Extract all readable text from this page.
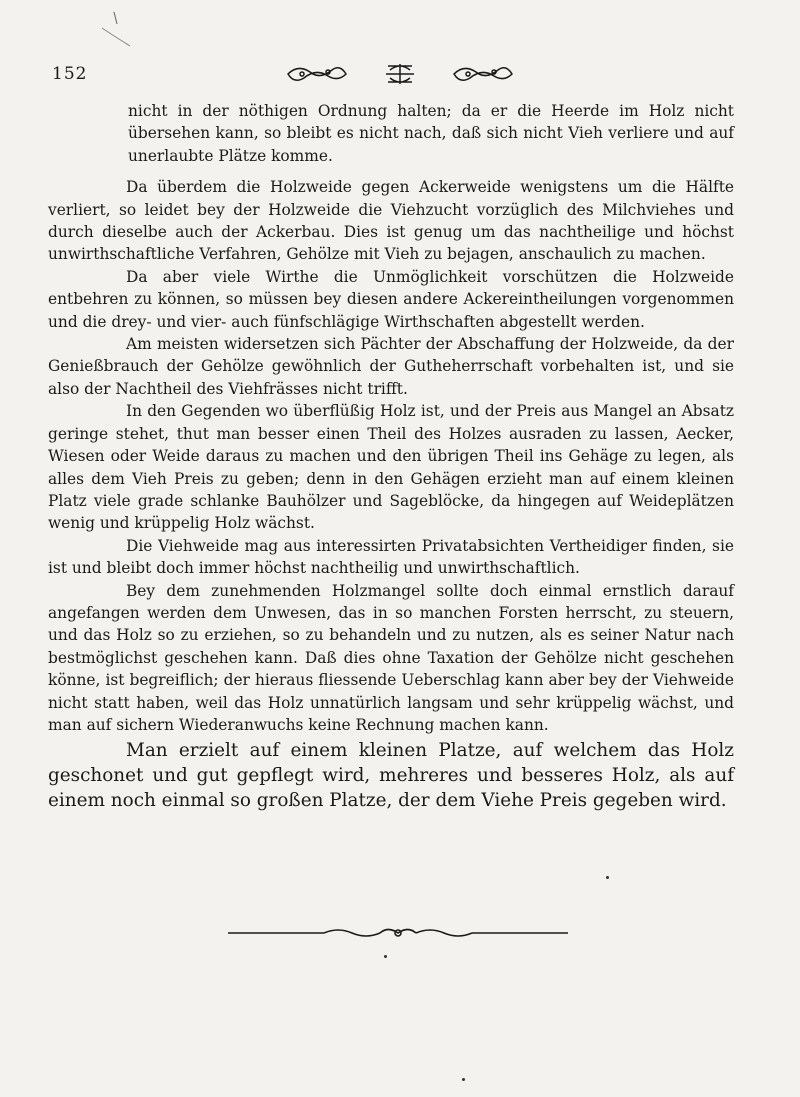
152

nicht in der nöthigen Ordnung halten; da er die Heerde im Holz nicht übersehen kann, so bleibt es nicht nach, daß sich nicht Vieh verliere und auf unerlaubte Plätze komme.

Da überdem die Holzweide gegen Ackerweide wenigstens um die Hälfte verliert, so leidet bey der Holzweide die Viehzucht vorzüglich des Milchviehes und durch dieselbe auch der Ackerbau. Dies ist genug um das nachtheilige und höchst unwirthschaftliche Verfahren, Gehölze mit Vieh zu bejagen, anschaulich zu machen.

Da aber viele Wirthe die Unmöglichkeit vorschützen die Holzweide entbehren zu können, so müssen bey diesen andere Ackereintheilungen vorgenommen und die drey- und vier- auch fünfschlägige Wirthschaften abgestellt werden.

Am meisten widersetzen sich Pächter der Abschaffung der Holzweide, da der Genießbrauch der Gehölze gewöhnlich der Gutheherrschaft vorbehalten ist, und sie also der Nachtheil des Viehfrässes nicht trifft.

In den Gegenden wo überflüßig Holz ist, und der Preis aus Mangel an Absatz geringe stehet, thut man besser einen Theil des Holzes ausraden zu lassen, Aecker, Wiesen oder Weide daraus zu machen und den übrigen Theil ins Gehäge zu legen, als alles dem Vieh Preis zu geben; denn in den Gehägen erzieht man auf einem kleinen Platz viele grade schlanke Bauhölzer und Sageblöcke, da hingegen auf Weideplätzen wenig und krüppelig Holz wächst.

Die Viehweide mag aus interessirten Privatabsichten Vertheidiger finden, sie ist und bleibt doch immer höchst nachtheilig und unwirthschaftlich.

Bey dem zunehmenden Holzmangel sollte doch einmal ernstlich darauf angefangen werden dem Unwesen, das in so manchen Forsten herrscht, zu steuern, und das Holz so zu erziehen, so zu behandeln und zu nutzen, als es seiner Natur nach bestmöglichst geschehen kann. Daß dies ohne Taxation der Gehölze nicht geschehen könne, ist begreiflich; der hieraus fliessende Ueberschlag kann aber bey der Viehweide nicht statt haben, weil das Holz unnatürlich langsam und sehr krüppelig wächst, und man auf sichern Wiederanwuchs keine Rechnung machen kann.

Man erzielt auf einem kleinen Platze, auf welchem das Holz geschonet und gut gepflegt wird, mehreres und besseres Holz, als auf einem noch einmal so großen Platze, der dem Viehe Preis gegeben wird.
